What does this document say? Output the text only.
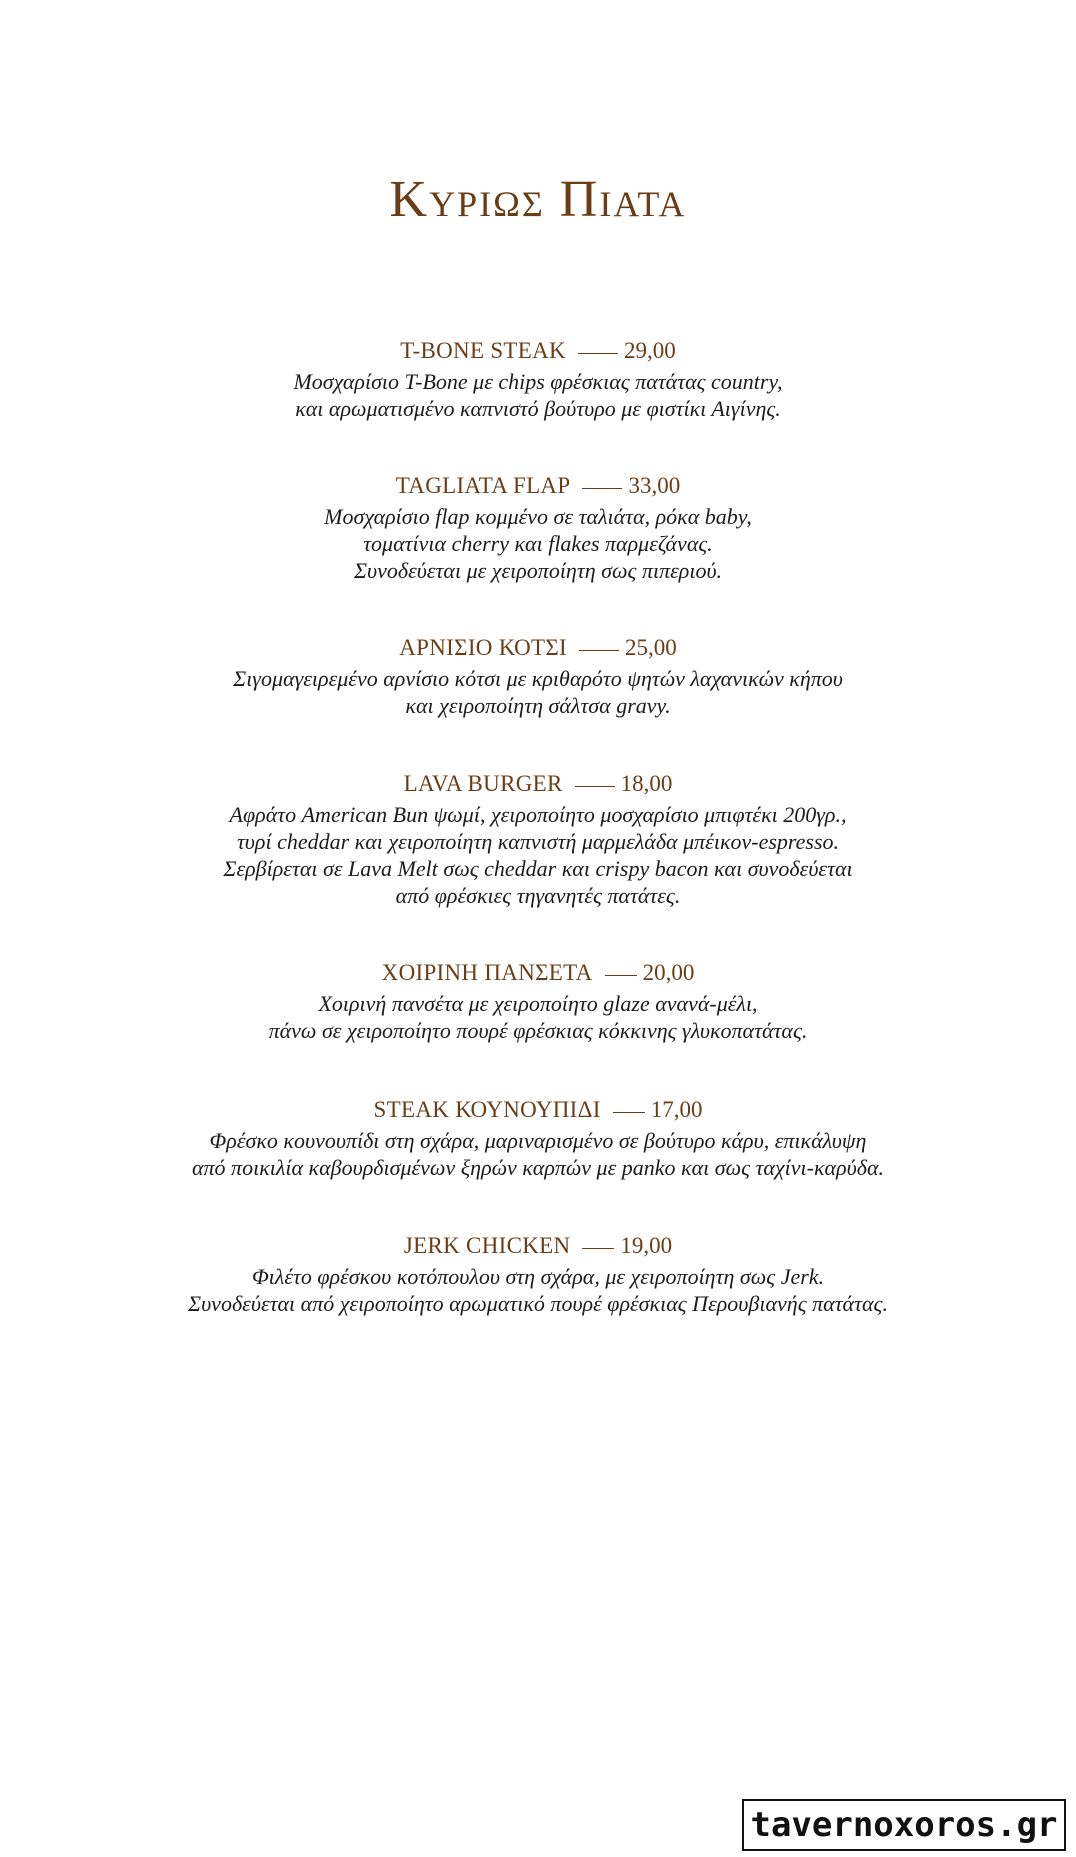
Κυριωσ Πιατα
T-BONE STEAK	29,00
Μοσχαρίσιο T-Bone με chips φρέσκιας πατάτας country,
και αρωματισμένο καπνιστό βούτυρο με φιστίκι Αιγίνης.
TAGLIATA FLAP	33,00
Μοσχαρίσιο flap κομμένο σε ταλιάτα, ρόκα baby,
τοματίνια cherry και flakes παρμεζάνας.
Συνοδεύεται με χειροποίητη σως πιπεριού.
ΑΡΝΙΣΙΟ ΚΟΤΣΙ	25,00
Σιγομαγειρεμένο αρνίσιο κότσι με κριθαρότο ψητών λαχανικών κήπου
και χειροποίητη σάλτσα gravy.
LAVA BURGER	18,00
Αφράτο American Bun ψωμί, χειροποίητο μοσχαρίσιο μπιφτέκι 200γρ.,
τυρί cheddar και χειροποίητη καπνιστή μαρμελάδα μπέικον-espresso.
Σερβίρεται σε Lava Melt σως cheddar και crispy bacon και συνοδεύεται
από φρέσκιες τηγανητές πατάτες.
ΧΟΙΡΙΝΗ ΠΑΝΣΕΤΑ 20,00
Χοιρινή πανσέτα με χειροποίητο glaze ανανά-μέλι,
πάνω σε χειροποίητο πουρέ φρέσκιας κόκκινης γλυκοπατάτας.
STEAK ΚΟΥΝΟΥΠΙΔΙ 17,00
Φρέσκο κουνουπίδι στη σχάρα, μαριναρισμένο σε βούτυρο κάρυ, επικάλυψη
από ποικιλία καβουρδισμένων ξηρών καρπών με panko και σως ταχίνι-καρύδα.
JERK CHICKEN 19,00
Φιλέτο φρέσκου κοτόπουλου στη σχάρα, με χειροποίητη σως Jerk.
Συνοδεύεται από χειροποίητο αρωματικό πουρέ φρέσκιας Περουβιανής πατάτας.
tavernoxoros.gr
